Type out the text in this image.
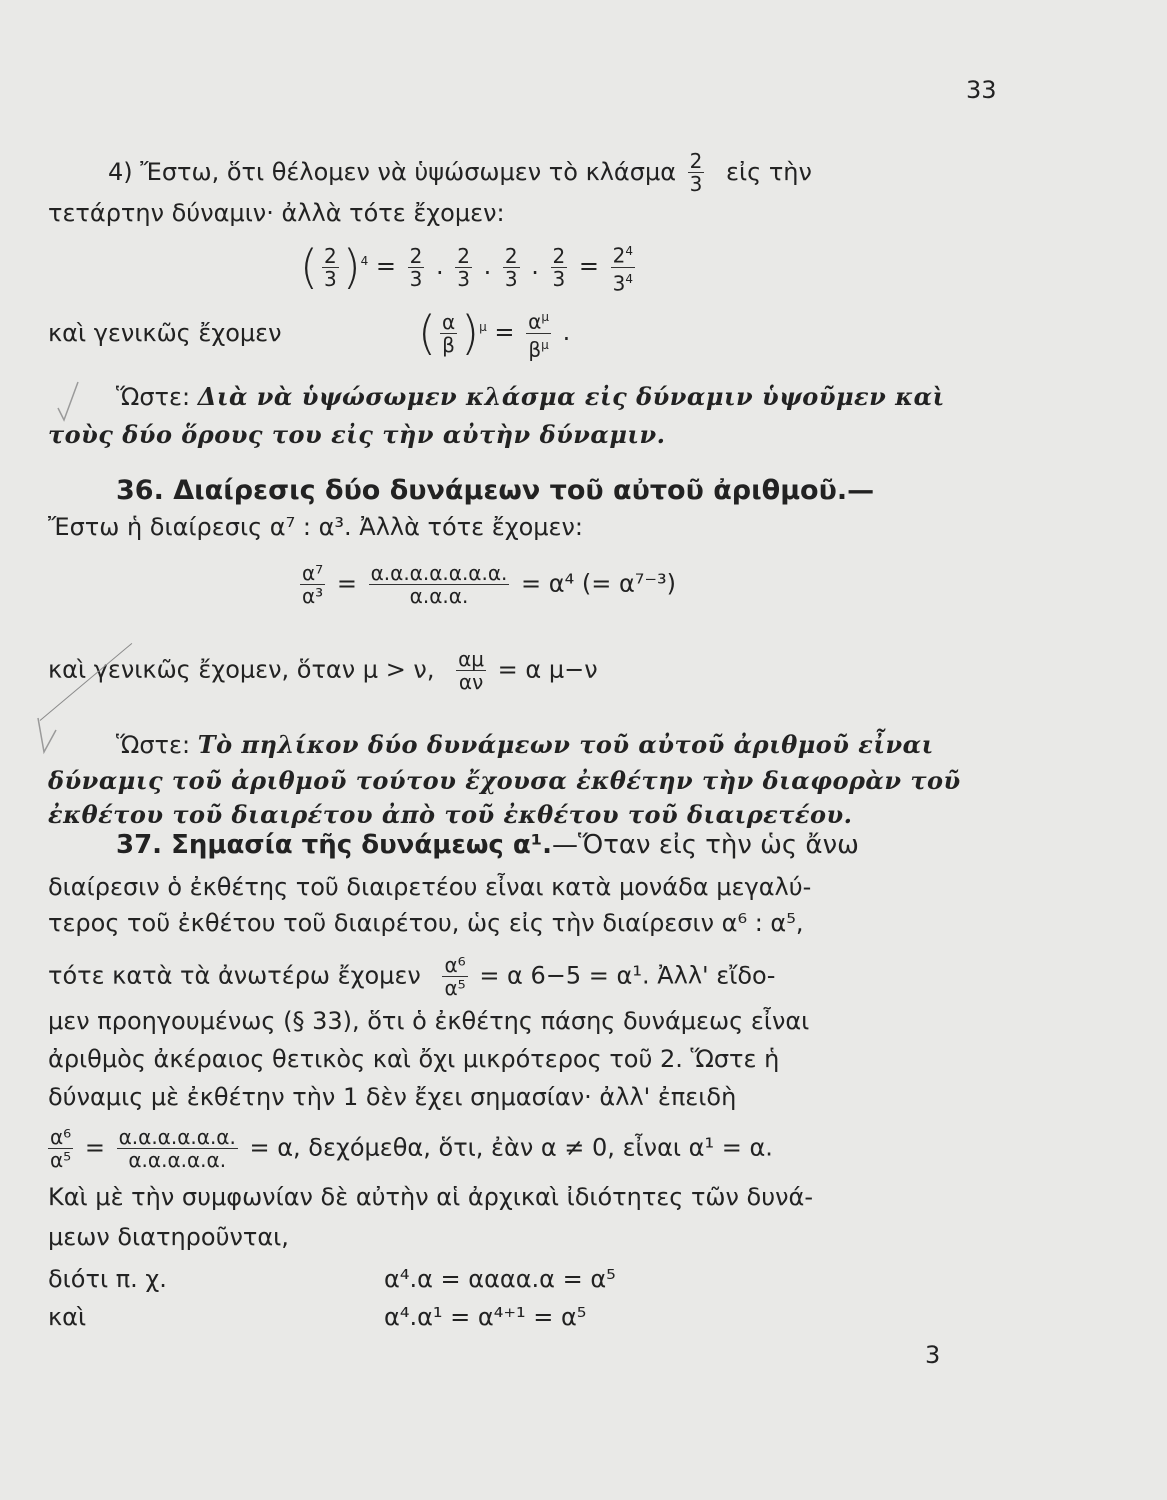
33
4) Ἔστω, ὅτι θέλομεν νὰ ὑψώσωμεν τὸ κλάσμα $\frac{2}{3}$ εἰς τὴν
τετάρτην δύναμιν· ἀλλὰ τότε ἔχομεν:
( $\frac{2}{3} )^4 = \frac{2}{3}$ . $\frac{2}{3}$ . $\frac{2}{3}$ . $\frac{2}{3} = \frac{2^4}{3^4}$
καὶ γενικῶς ἔχομεν	( $\frac{\alpha}{\beta} )^\mu = \frac{\alpha^\mu}{\beta^\mu}$ .
Ὥστε: Διὰ νὰ ὑψώσωμεν κλάσμα εἰς δύναμιν ὑψοῦμεν καὶ
τοὺς δύο ὅρους του εἰς τὴν αὐτὴν δύναμιν.
36. Διαίρεσις δύο δυνάμεων τοῦ αὐτοῦ ἀριθμοῦ.—
Ἔστω ἡ διαίρεσις α⁷ : α³. Ἀλλὰ τότε ἔχομεν:
$\frac{\text{α⁷}}{\text{α³}} = \frac{\alpha.\alpha.\alpha.\alpha.\alpha.\alpha.\alpha.}{\alpha.\alpha.\alpha.} = \alpha^4$ (= α⁷⁻³)
καὶ γενικῶς ἔχομεν, ὅταν μ > ν, $\frac{\alpha\mu}{\alpha\nu} = \alpha$ μ−ν
Ὥστε: Τὸ πηλίκον δύο δυνάμεων τοῦ αὐτοῦ ἀριθμοῦ εἶναι
δύναμις τοῦ ἀριθμοῦ τούτου ἔχουσα ἐκθέτην τὴν διαφορὰν τοῦ
ἐκθέτου τοῦ διαιρέτου ἀπὸ τοῦ ἐκθέτου τοῦ διαιρετέου.
37. Σημασία τῆς δυνάμεως α¹.—Ὅταν εἰς τὴν ὡς ἄνω
διαίρεσιν ὁ ἐκθέτης τοῦ διαιρετέου εἶναι κατὰ μονάδα μεγαλύ-
τερος τοῦ ἐκθέτου τοῦ διαιρέτου, ὡς εἰς τὴν διαίρεσιν α⁶ : α⁵,
τότε κατὰ τὰ ἀνωτέρω ἔχομεν $\frac{\text{α⁶}}{\text{α⁵}} = \alpha$ 6−5 = α¹. Ἀλλ' εἴδο-
μεν προηγουμένως (§ 33), ὅτι ὁ ἐκθέτης πάσης δυνάμεως εἶναι
ἀριθμὸς ἀκέραιος θετικὸς καὶ ὄχι μικρότερος τοῦ 2. Ὥστε ἡ
δύναμις μὲ ἐκθέτην τὴν 1 δὲν ἔχει σημασίαν· ἀλλ' ἐπειδὴ
$\frac{\text{α⁶}}{\text{α⁵}} = \frac{\alpha.\alpha.\alpha.\alpha.\alpha.\alpha.}{\alpha.\alpha.\alpha.\alpha.\alpha.} = \alpha$, δεχόμεθα, ὅτι, ἐὰν α ≠ 0, εἶναι α¹ = α.
Καὶ μὲ τὴν συμφωνίαν δὲ αὐτὴν αἱ ἀρχικαὶ ἰδιότητες τῶν δυνά-
μεων διατηροῦνται,
διότι π. χ.	α⁴.α = αααα.α = α⁵
καὶ	α⁴.α¹ = α⁴⁺¹ = α⁵
3
